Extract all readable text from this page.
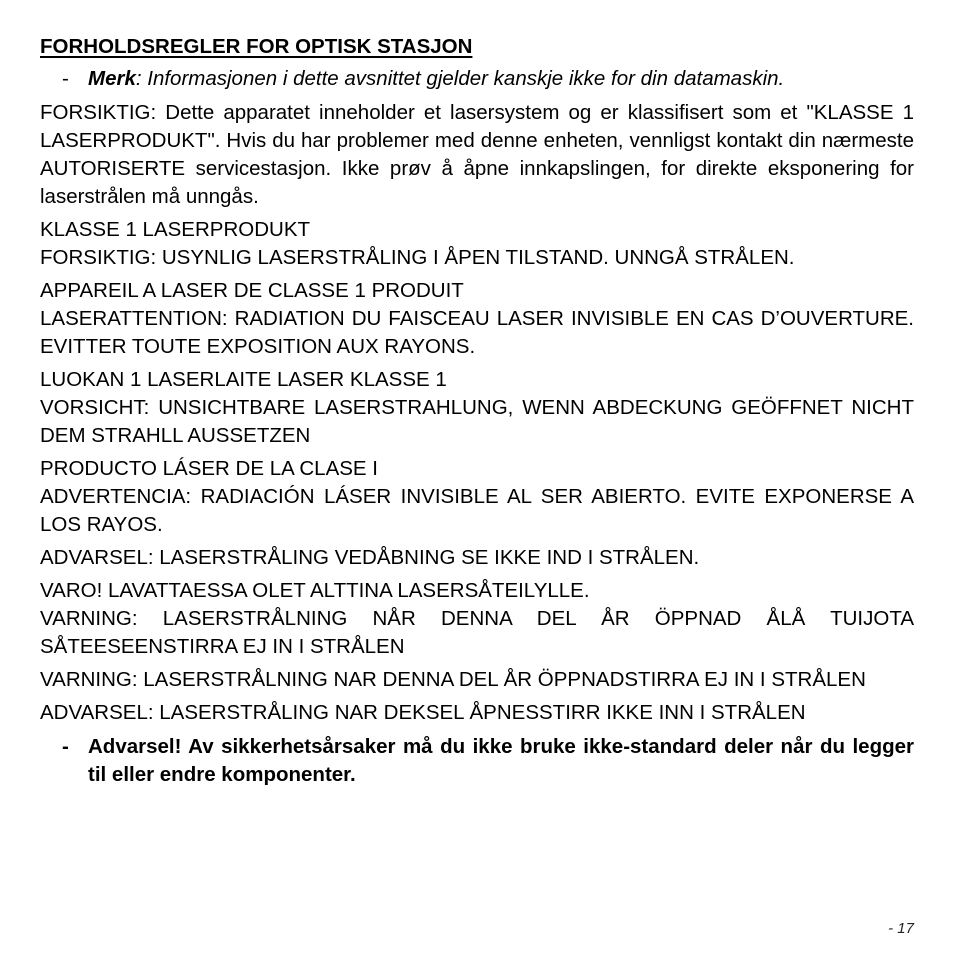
FORHOLDSREGLER FOR OPTISK STASJON
- Merk: Informasjonen i dette avsnittet gjelder kanskje ikke for din datamaskin.
FORSIKTIG: Dette apparatet inneholder et lasersystem og er klassifisert som et "KLASSE 1 LASERPRODUKT". Hvis du har problemer med denne enheten, vennligst kontakt din nærmeste AUTORISERTE servicestasjon. Ikke prøv å åpne innkapslingen, for direkte eksponering for laserstrålen må unngås.
KLASSE 1 LASERPRODUKT
FORSIKTIG: USYNLIG LASERSTRÅLING I ÅPEN TILSTAND. UNNGÅ STRÅLEN.
APPAREIL A LASER DE CLASSE 1 PRODUIT
LASERATTENTION: RADIATION DU FAISCEAU LASER INVISIBLE EN CAS D’OUVERTURE. EVITTER TOUTE EXPOSITION AUX RAYONS.
LUOKAN 1 LASERLAITE LASER KLASSE 1
VORSICHT: UNSICHTBARE LASERSTRAHLUNG, WENN ABDECKUNG GEÖFFNET NICHT DEM STRAHLL AUSSETZEN
PRODUCTO LÁSER DE LA CLASE I
ADVERTENCIA: RADIACIÓN LÁSER INVISIBLE AL SER ABIERTO. EVITE EXPONERSE A LOS RAYOS.
ADVARSEL: LASERSTRÅLING VEDÅBNING SE IKKE IND I STRÅLEN.
VARO! LAVATTAESSA OLET ALTTINA LASERSÅTEILYLLE.
VARNING: LASERSTRÅLNING NÅR DENNA DEL ÅR ÖPPNAD ÅLÅ TUIJOTA SÅTEESEENSTIRRA EJ IN I STRÅLEN
VARNING: LASERSTRÅLNING NAR DENNA DEL ÅR ÖPPNADSTIRRA EJ IN I STRÅLEN
ADVARSEL: LASERSTRÅLING NAR DEKSEL ÅPNESSTIRR IKKE INN I STRÅLEN
- Advarsel! Av sikkerhetsårsaker må du ikke bruke ikke-standard deler når du legger til eller endre komponenter.
- 17
